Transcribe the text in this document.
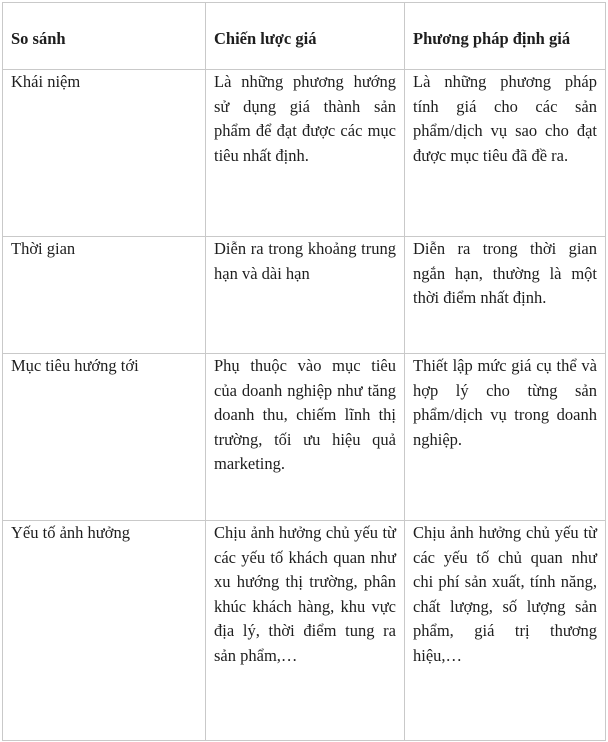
So sánh	Chiến lược giá	Phương pháp định giá
Khái niệm	Là những phương hướng sử dụng giá thành sản phẩm để đạt được các mục tiêu nhất định.	Là những phương pháp tính giá cho các sản phẩm/dịch vụ sao cho đạt được mục tiêu đã đề ra.
Thời gian	Diễn ra trong khoảng trung hạn và dài hạn	Diễn ra trong thời gian ngắn hạn, thường là một thời điểm nhất định.
Mục tiêu hướng tới	Phụ thuộc vào mục tiêu của doanh nghiệp như tăng doanh thu, chiếm lĩnh thị trường, tối ưu hiệu quả marketing.	Thiết lập mức giá cụ thể và hợp lý cho từng sản phẩm/dịch vụ trong doanh nghiệp.
Yếu tố ảnh hưởng	Chịu ảnh hưởng chủ yếu từ các yếu tố khách quan như xu hướng thị trường, phân khúc khách hàng, khu vực địa lý, thời điểm tung ra sản phẩm,…	Chịu ảnh hưởng chủ yếu từ các yếu tố chủ quan như chi phí sản xuất, tính năng, chất lượng, số lượng sản phẩm, giá trị thương hiệu,…
